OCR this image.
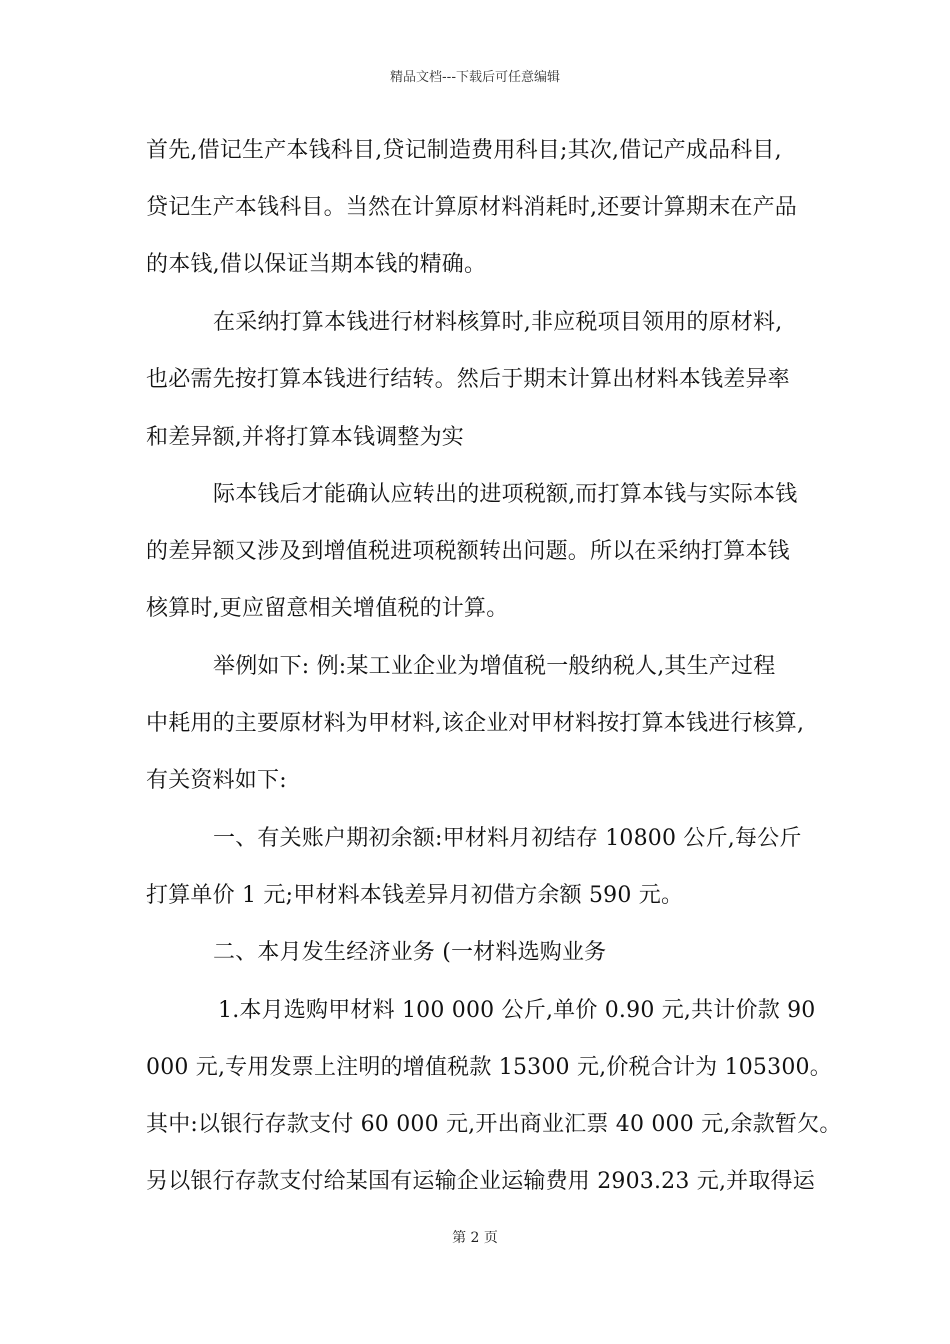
精品文档---下载后可任意编辑
首先,借记生产本钱科目,贷记制造费用科目;其次,借记产成品科目,
贷记生产本钱科目。当然在计算原材料消耗时,还要计算期末在产品
的本钱,借以保证当期本钱的精确。
在采纳打算本钱进行材料核算时,非应税项目领用的原材料,
也必需先按打算本钱进行结转。然后于期末计算出材料本钱差异率
和差异额,并将打算本钱调整为实
际本钱后才能确认应转出的进项税额,而打算本钱与实际本钱
的差异额又涉及到增值税进项税额转出问题。所以在采纳打算本钱
核算时,更应留意相关增值税的计算。
举例如下: 例:某工业企业为增值税一般纳税人,其生产过程
中耗用的主要原材料为甲材料,该企业对甲材料按打算本钱进行核算,
有关资料如下:
一、有关账户期初余额:甲材料月初结存 10800 公斤,每公斤
打算单价 1 元;甲材料本钱差异月初借方余额 590 元。
二、本月发生经济业务 (一材料选购业务
1.本月选购甲材料 100 000 公斤,单价 0.90 元,共计价款 90
000 元,专用发票上注明的增值税款 15300 元,价税合计为 105300。
其中:以银行存款支付 60 000 元,开出商业汇票 40 000 元,余款暂欠。
另以银行存款支付给某国有运输企业运输费用 2903.23 元,并取得运
第 2 页
